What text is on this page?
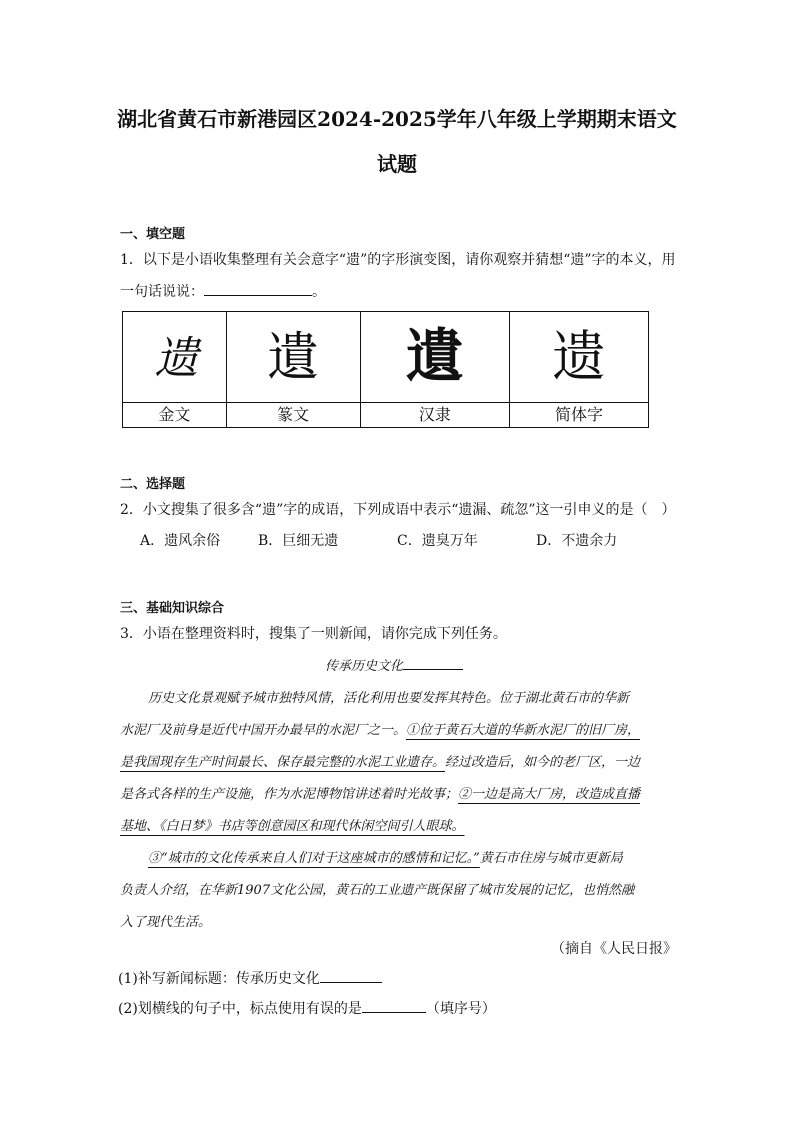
湖北省黄石市新港园区2024-2025学年八年级上学期期末语文
试题
一、填空题
1．以下是小语收集整理有关会意字“遗”的字形演变图，请你观察并猜想“遗”字的本义，用
一句话说说：	。
遗	遺	遺	遗
金文	篆文	汉隶	简体字
二、选择题
2．小文搜集了很多含“遗”字的成语，下列成语中表示“遗漏、疏忽”这一引申义的是（　）
A．遗风余俗	B．巨细无遗	C．遗臭万年	D．不遗余力
三、基础知识综合
3．小语在整理资料时，搜集了一则新闻，请你完成下列任务。
传承历史文化
历史文化景观赋予城市独特风情，活化利用也要发挥其特色。位于湖北黄石市的华新
水泥厂及前身是近代中国开办最早的水泥厂之一。①位于黄石大道的华新水泥厂的旧厂房，
是我国现存生产时间最长、保存最完整的水泥工业遗存。经过改造后，如今的老厂区，一边
是各式各样的生产设施，作为水泥博物馆讲述着时光故事；②一边是高大厂房，改造成直播
基地、《白日梦》书店等创意园区和现代休闲空间引人眼球。
③“城市的文化传承来自人们对于这座城市的感情和记忆。”黄石市住房与城市更新局
负责人介绍，在华新1907文化公园，黄石的工业遗产既保留了城市发展的记忆，也悄然融
入了现代生活。
（摘自《人民日报》
(1)补写新闻标题：传承历史文化
(2)划横线的句子中，标点使用有误的是	（填序号）
